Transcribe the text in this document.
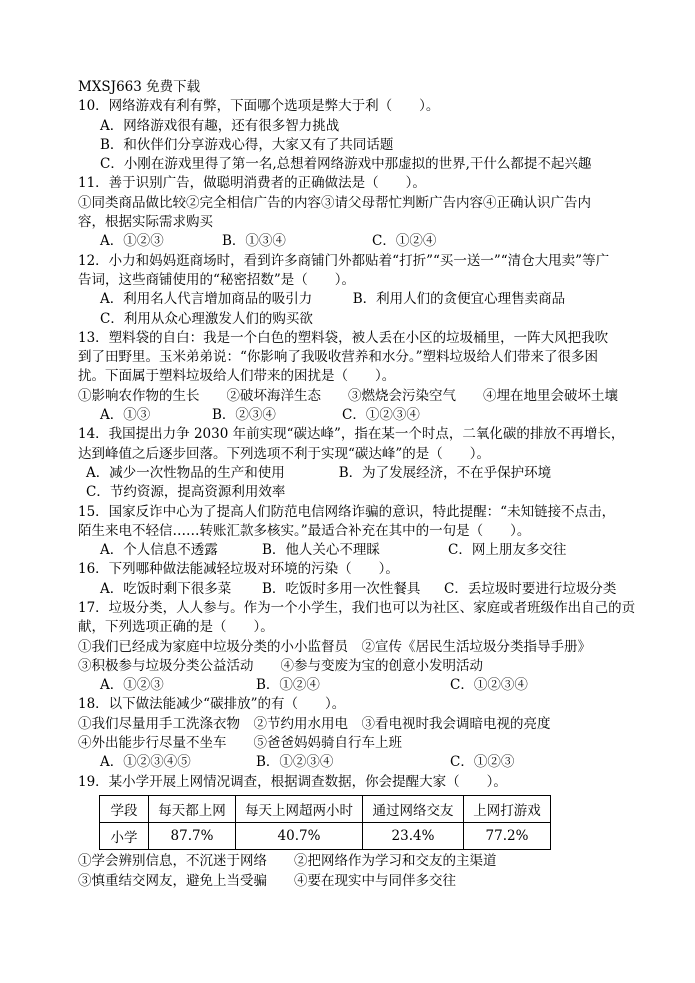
MXSJ663 免费下载
10．网络游戏有利有弊，下面哪个选项是弊大于利（　　）。
A．网络游戏很有趣，还有很多智力挑战
B．和伙伴们分享游戏心得，大家又有了共同话题
C．小刚在游戏里得了第一名,总想着网络游戏中那虚拟的世界,干什么都提不起兴趣
11．善于识别广告，做聪明消费者的正确做法是（　　）。
①同类商品做比较②完全相信广告的内容③请父母帮忙判断广告内容④正确认识广告内
容，根据实际需求购买
A．①②③	B．①③④	C．①②④
12．小力和妈妈逛商场时，看到许多商铺门外都贴着“打折”“买一送一”“清仓大甩卖”等广
告词，这些商铺使用的“秘密招数”是（　　）。
A．利用名人代言增加商品的吸引力　　　B．利用人们的贪便宜心理售卖商品
C．利用从众心理激发人们的购买欲
13．塑料袋的自白：我是一个白色的塑料袋，被人丢在小区的垃圾桶里，一阵大风把我吹
到了田野里。玉米弟弟说：“你影响了我吸收营养和水分。”塑料垃圾给人们带来了很多困
扰。下面属于塑料垃圾给人们带来的困扰是（　　）。
①影响农作物的生长　　②破坏海洋生态　　③燃烧会污染空气　　④埋在地里会破坏土壤
A．①③	B．②③④	C．①②③④
14．我国提出力争 2030 年前实现“碳达峰”，指在某一个时点，二氧化碳的排放不再增长，
达到峰值之后逐步回落。下列选项不利于实现“碳达峰”的是（　　）。
A．减少一次性物品的生产和使用　　　　B．为了发展经济，不在乎保护环境
C．节约资源，提高资源利用效率
15．国家反诈中心为了提高人们防范电信网络诈骗的意识，特此提醒：“未知链接不点击，
陌生来电不轻信……转账汇款多核实。”最适合补充在其中的一句是（　　）。
A．个人信息不透露	B．他人关心不理睬	C．网上朋友多交往
16．下列哪种做法能减轻垃圾对环境的污染（　　）。
A．吃饭时剩下很多菜 B．吃饭时多用一次性餐具 C．丢垃圾时要进行垃圾分类
17．垃圾分类，人人参与。作为一个小学生，我们也可以为社区、家庭或者班级作出自己的贡
献，下列选项正确的是（　　）。
①我们已经成为家庭中垃圾分类的小小监督员　②宣传《居民生活垃圾分类指导手册》
③积极参与垃圾分类公益活动　　④参与变废为宝的创意小发明活动
A．①②③	B．①②④	C．①②③④
18．以下做法能减少“碳排放”的有（　　）。
①我们尽量用手工洗涤衣物　②节约用水用电　③看电视时我会调暗电视的亮度
④外出能步行尽量不坐车　　⑤爸爸妈妈骑自行车上班
A．①②③④⑤	B．①②③④	C．①②③
19．某小学开展上网情况调查，根据调查数据，你会提醒大家（　　）。
学段	每天都上网	每天上网超两小时	通过网络交友	上网打游戏
小学	87.7%	40.7%	23.4%	77.2%
①学会辨别信息，不沉迷于网络　　②把网络作为学习和交友的主渠道
③慎重结交网友，避免上当受骗　　④要在现实中与同伴多交往
